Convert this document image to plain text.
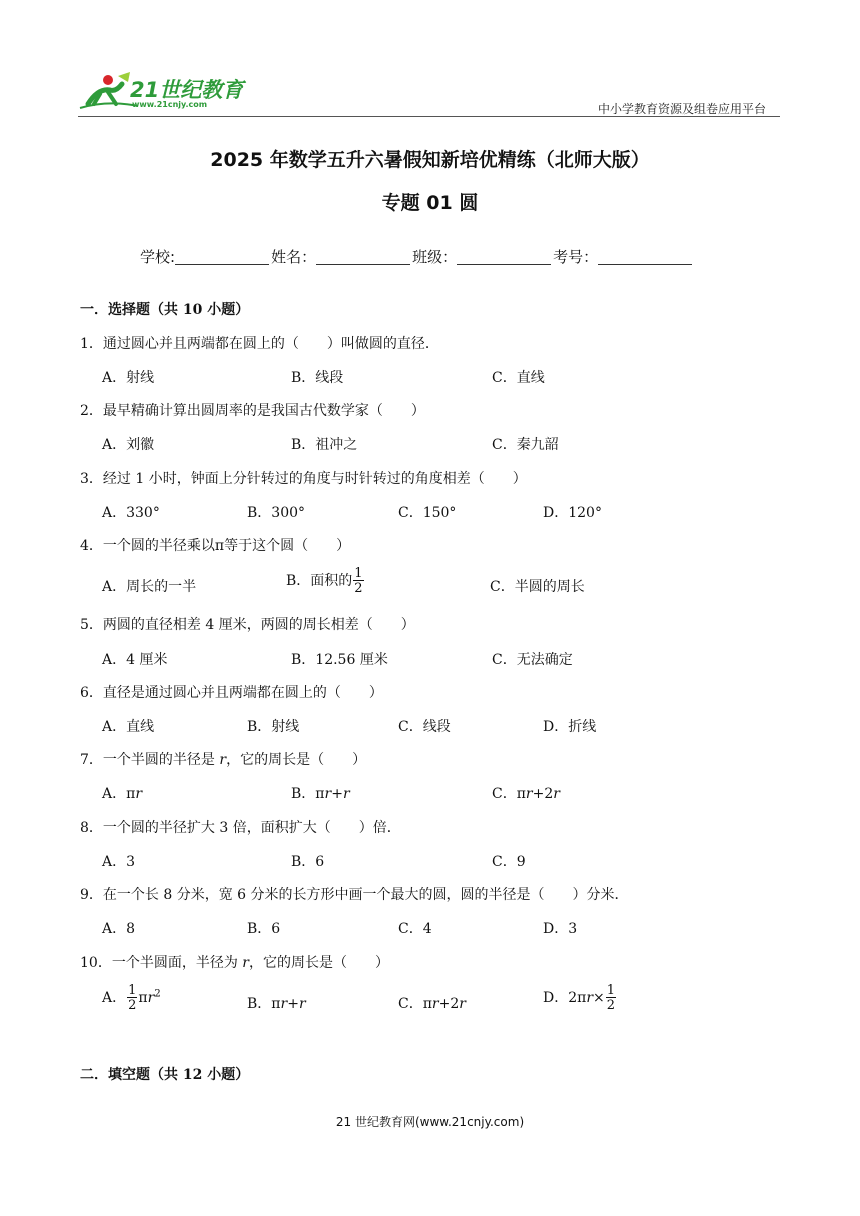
21世纪教育
www.21cnjy.com	中小学教育资源及组卷应用平台
2025 年数学五升六暑假知新培优精练（北师大版）
专题 01 圆
学校:	姓名：	班级：	考号：
一．选择题（共 10 小题）
1．通过圆心并且两端都在圆上的（　　）叫做圆的直径．
A．射线	B．线段	C．直线
2．最早精确计算出圆周率的是我国古代数学家（　　）
A．刘徽	B．祖冲之	C．秦九韶
3．经过 1 小时，钟面上分针转过的角度与时针转过的角度相差（　　）
A．330°	B．300°	C．150°	D．120°
4．一个圆的半径乘以π等于这个圆（　　）
A．周长的一半	B．面积的 $\frac{1}{2}$	C．半圆的周长
5．两圆的直径相差 4 厘米，两圆的周长相差（　　）
A．4 厘米	B．12.56 厘米	C．无法确定
6．直径是通过圆心并且两端都在圆上的（　　）
A．直线	B．射线	C．线段	D．折线
7．一个半圆的半径是 r，它的周长是（　　）
A．πr	B．πr+r	C．πr+2r
8．一个圆的半径扩大 3 倍，面积扩大（　　）倍．
A．3	B．6	C．9
9．在一个长 8 分米，宽 6 分米的长方形中画一个最大的圆，圆的半径是（　　）分米．
A．8	B．6	C．4	D．3
10．一个半圆面，半径为 r，它的周长是（　　）
A． $\frac{1}{2} \pi r^2$
B．πr+r	C．πr+2r	D．$2\pi r\times \frac{1}{2}$
二．填空题（共 12 小题）
21 世纪教育网(www.21cnjy.com)
